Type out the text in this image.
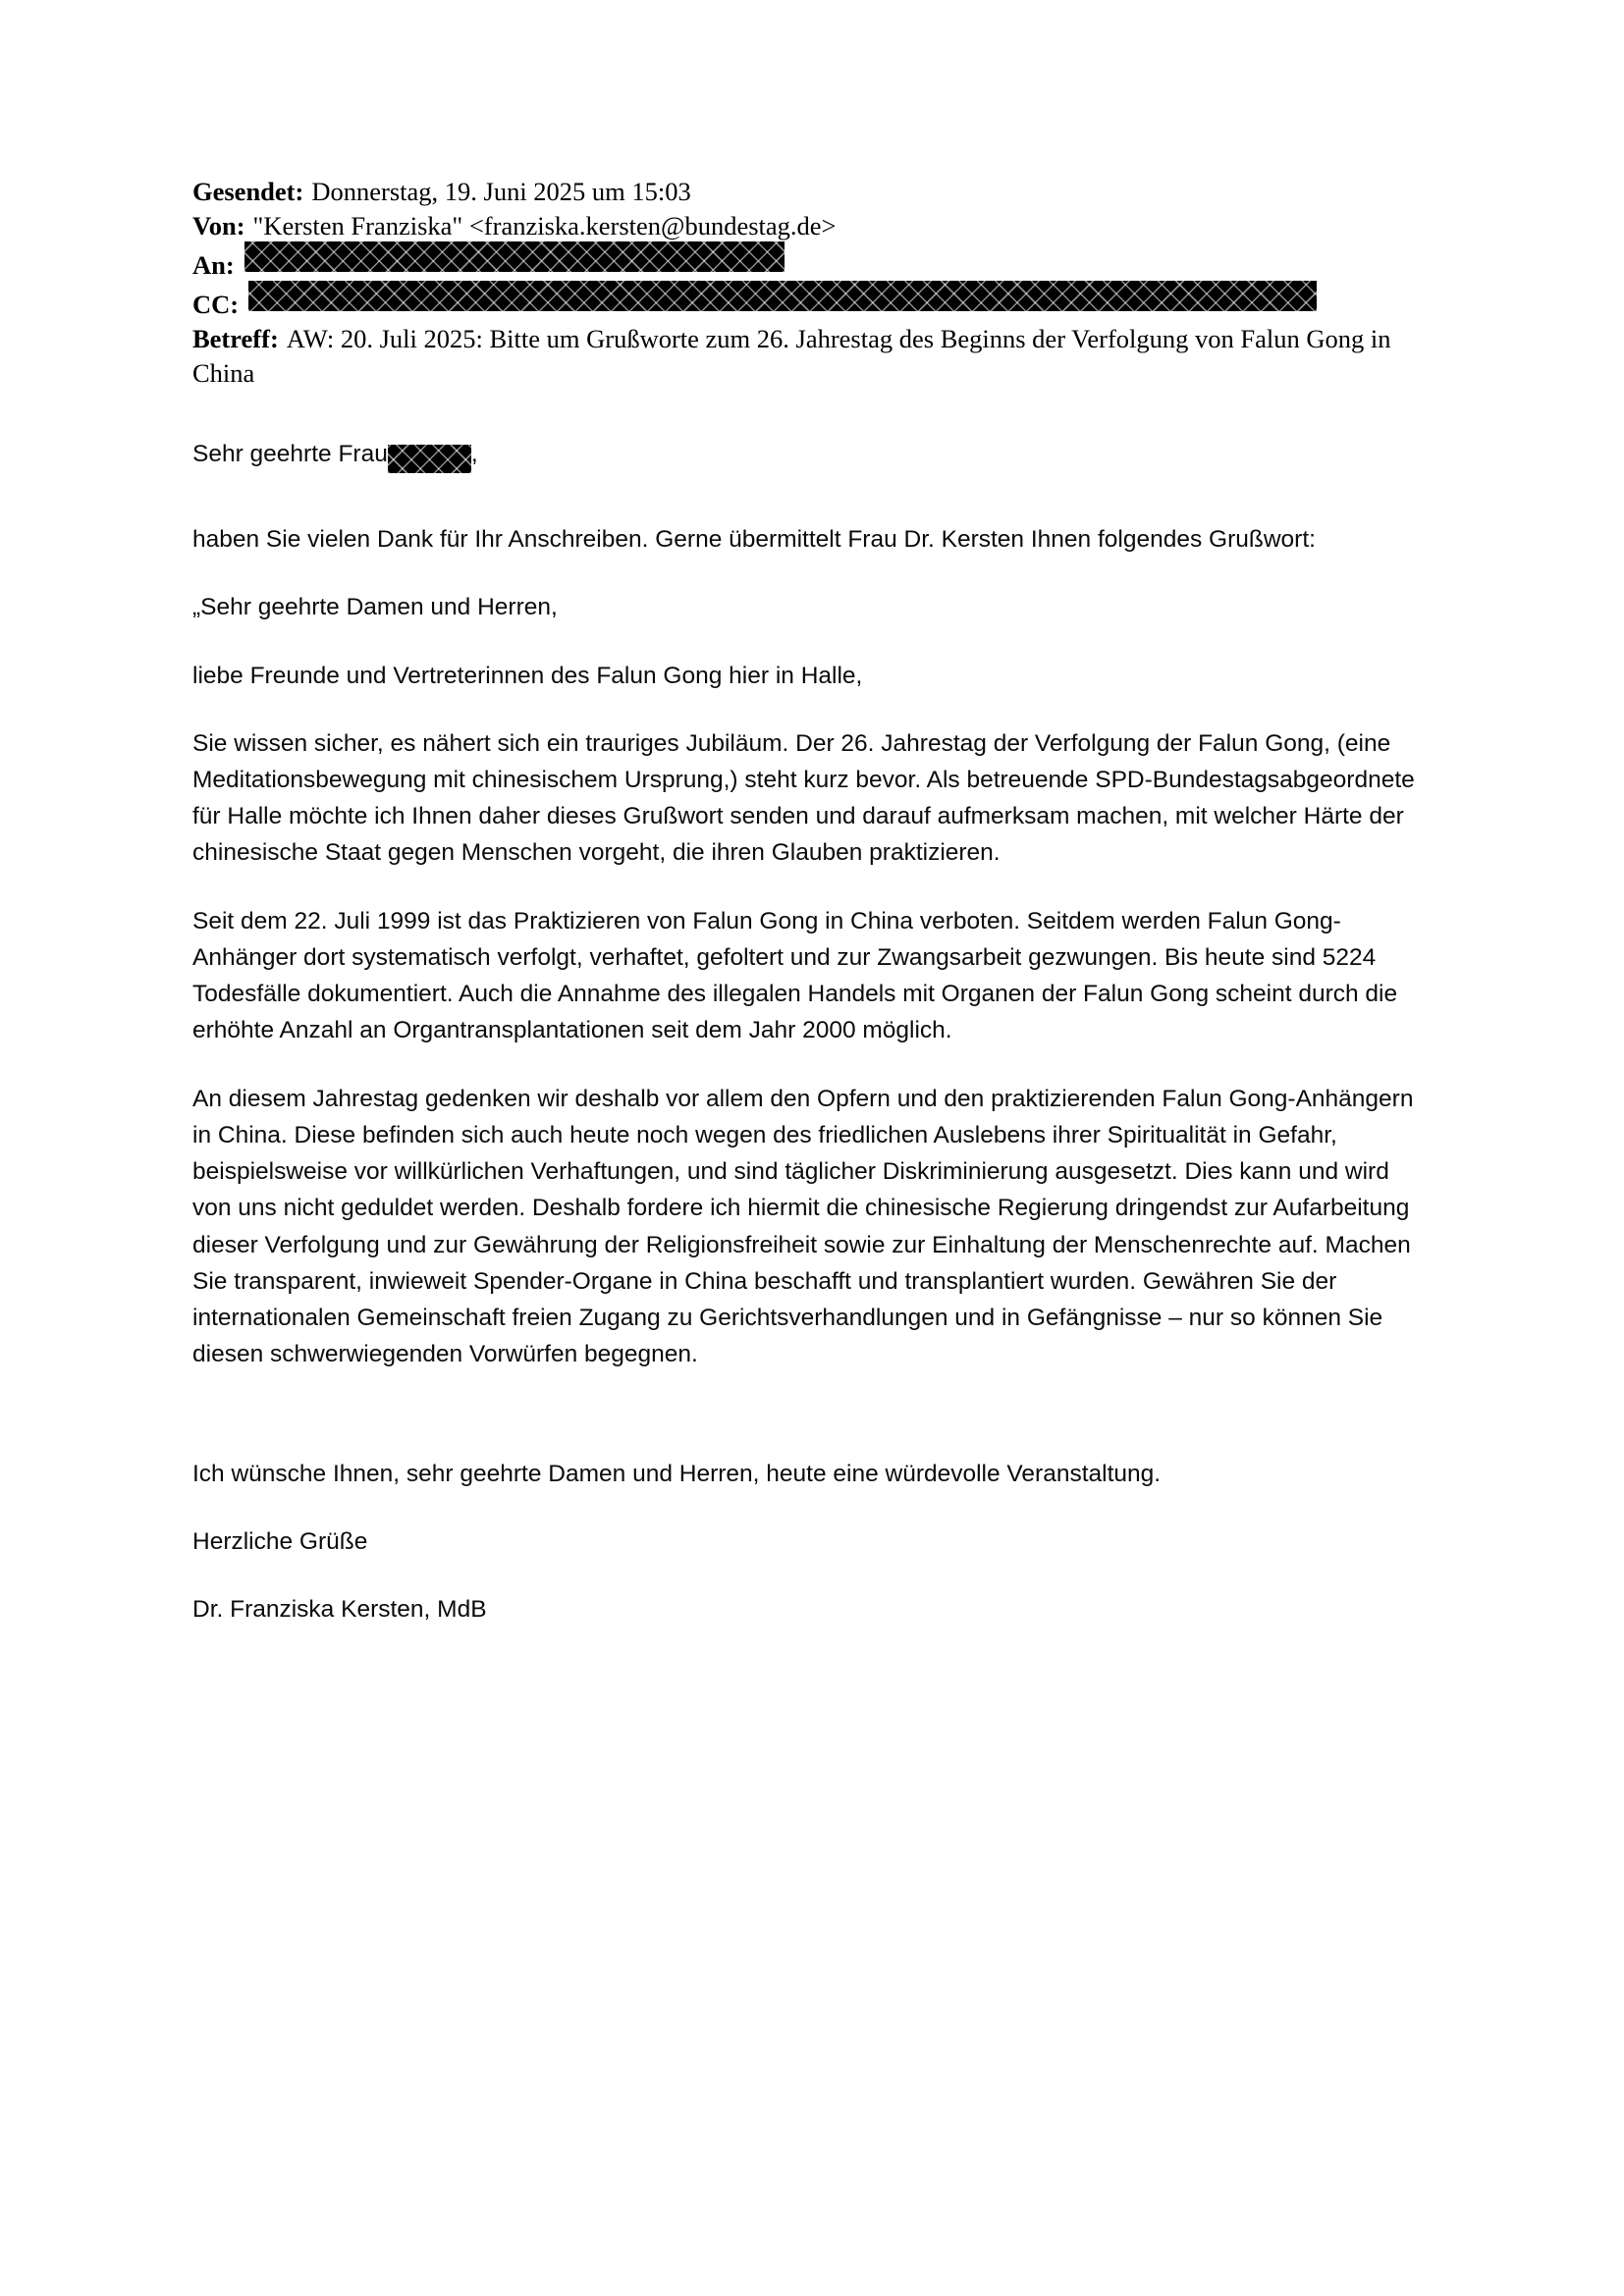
Gesendet: Donnerstag, 19. Juni 2025 um 15:03
Von: "Kersten Franziska" <franziska.kersten@bundestag.de>
An:
CC:
Betreff: AW: 20. Juli 2025: Bitte um Grußworte zum 26. Jahrestag des Beginns der Verfolgung von Falun Gong in China
Sehr geehrte Frau	,

haben Sie vielen Dank für Ihr Anschreiben. Gerne übermittelt Frau Dr. Kersten Ihnen folgendes Grußwort:

„Sehr geehrte Damen und Herren,

liebe Freunde und Vertreterinnen des Falun Gong hier in Halle,

Sie wissen sicher, es nähert sich ein trauriges Jubiläum. Der 26. Jahrestag der Verfolgung der Falun Gong, (eine Meditationsbewegung mit chinesischem Ursprung,) steht kurz bevor. Als betreuende SPD-Bundestagsabgeordnete für Halle möchte ich Ihnen daher dieses Grußwort senden und darauf aufmerksam machen, mit welcher Härte der chinesische Staat gegen Menschen vorgeht, die ihren Glauben praktizieren.

Seit dem 22. Juli 1999 ist das Praktizieren von Falun Gong in China verboten. Seitdem werden Falun Gong-Anhänger dort systematisch verfolgt, verhaftet, gefoltert und zur Zwangsarbeit gezwungen. Bis heute sind 5224 Todesfälle dokumentiert. Auch die Annahme des illegalen Handels mit Organen der Falun Gong scheint durch die erhöhte Anzahl an Organtransplantationen seit dem Jahr 2000 möglich.

An diesem Jahrestag gedenken wir deshalb vor allem den Opfern und den praktizierenden Falun Gong-Anhängern in China. Diese befinden sich auch heute noch wegen des friedlichen Auslebens ihrer Spiritualität in Gefahr, beispielsweise vor willkürlichen Verhaftungen, und sind täglicher Diskriminierung ausgesetzt. Dies kann und wird von uns nicht geduldet werden. Deshalb fordere ich hiermit die chinesische Regierung dringendst zur Aufarbeitung dieser Verfolgung und zur Gewährung der Religionsfreiheit sowie zur Einhaltung der Menschenrechte auf. Machen Sie transparent, inwieweit Spender-Organe in China beschafft und transplantiert wurden. Gewähren Sie der internationalen Gemeinschaft freien Zugang zu Gerichtsverhandlungen und in Gefängnisse – nur so können Sie diesen schwerwiegenden Vorwürfen begegnen.

Ich wünsche Ihnen, sehr geehrte Damen und Herren, heute eine würdevolle Veranstaltung.

Herzliche Grüße

Dr. Franziska Kersten, MdB
